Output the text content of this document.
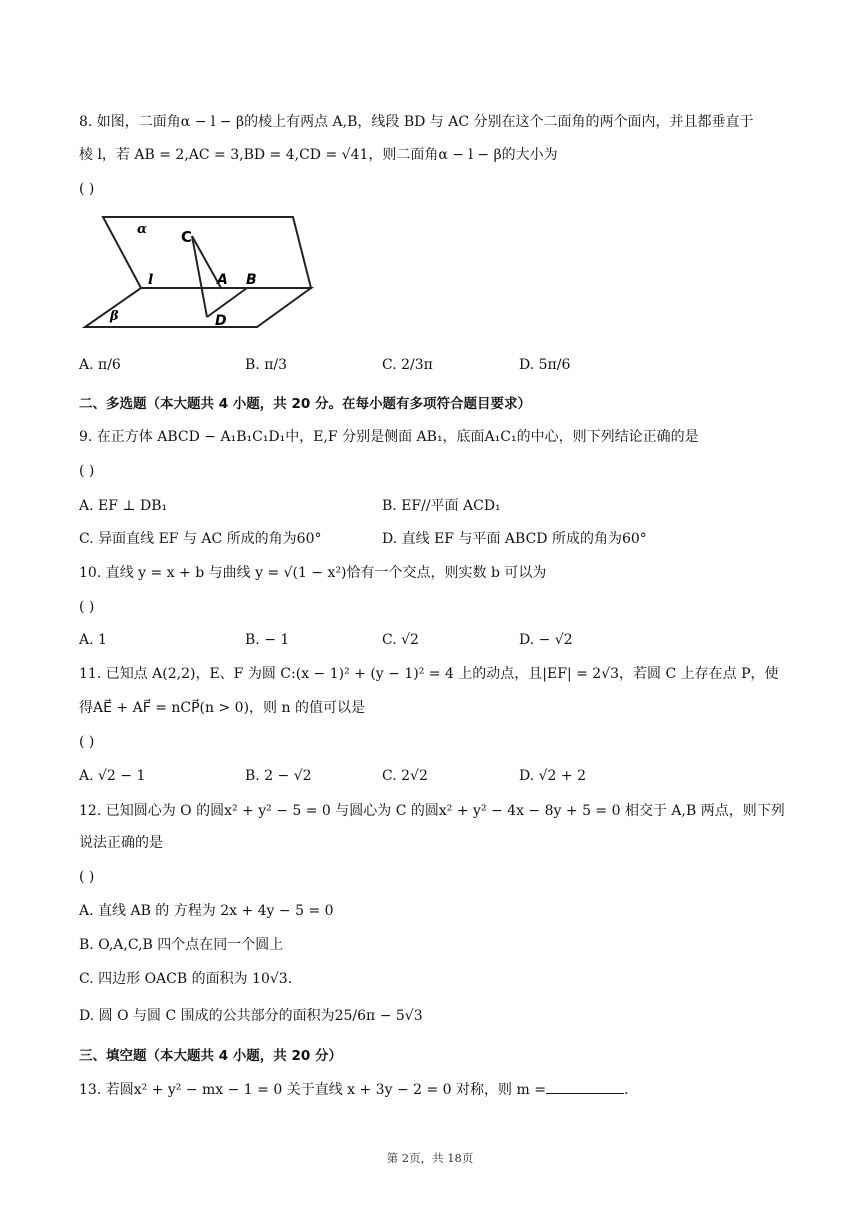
8. 如图，二面角α − l − β的棱上有两点 A,B，线段 BD 与 AC 分别在这个二面角的两个面内，并且都垂直于
棱 l，若 AB = 2,AC = 3,BD = 4,CD = √41，则二面角α − l − β的大小为
( )
α C
l	A B
β	D
A. π/6	B. π/3	C. 2/3π	D. 5π/6
二、多选题（本大题共 4 小题，共 20 分。在每小题有多项符合题目要求）
9. 在正方体 ABCD − A₁B₁C₁D₁中，E,F 分别是侧面 AB₁，底面A₁C₁的中心，则下列结论正确的是
( )
A. EF ⊥ DB₁	B. EF//平面 ACD₁
C. 异面直线 EF 与 AC 所成的角为60°	D. 直线 EF 与平面 ABCD 所成的角为60°
10. 直线 y = x + b 与曲线 y = √(1 − x²)恰有一个交点，则实数 b 可以为
( )
A. 1	B. − 1	C. √2	D. − √2
11. 已知点 A(2,2)，E、F 为圆 C:(x − 1)² + (y − 1)² = 4 上的动点，且|EF| = 2√3，若圆 C 上存在点 P，使
得AE⃗ + AF⃗ = nCP⃗(n > 0)，则 n 的值可以是
( )
A. √2 − 1	B. 2 − √2	C. 2√2	D. √2 + 2
12. 已知圆心为 O 的圆x² + y² − 5 = 0 与圆心为 C 的圆x² + y² − 4x − 8y + 5 = 0 相交于 A,B 两点，则下列
说法正确的是
( )
A. 直线 AB 的 方程为 2x + 4y − 5 = 0
B. O,A,C,B 四个点在同一个圆上
C. 四边形 OACB 的面积为 10√3.
D. 圆 O 与圆 C 围成的公共部分的面积为25/6π − 5√3
三、填空题（本大题共 4 小题，共 20 分）
13. 若圆x² + y² − mx − 1 = 0 关于直线 x + 3y − 2 = 0 对称，则 m =	.
第 2页，共 18页
